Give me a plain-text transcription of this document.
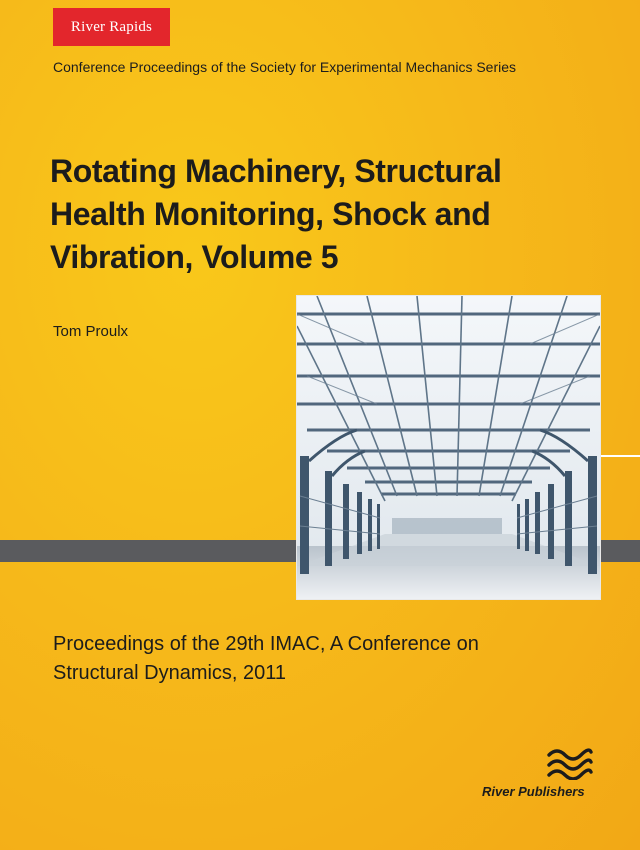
River Rapids
Conference Proceedings of the Society for Experimental Mechanics Series
Rotating Machinery, Structural
Health Monitoring, Shock and
Vibration, Volume 5
Tom Proulx

Proceedings of the 29th IMAC, A Conference on
Structural Dynamics, 2011

River Publishers
